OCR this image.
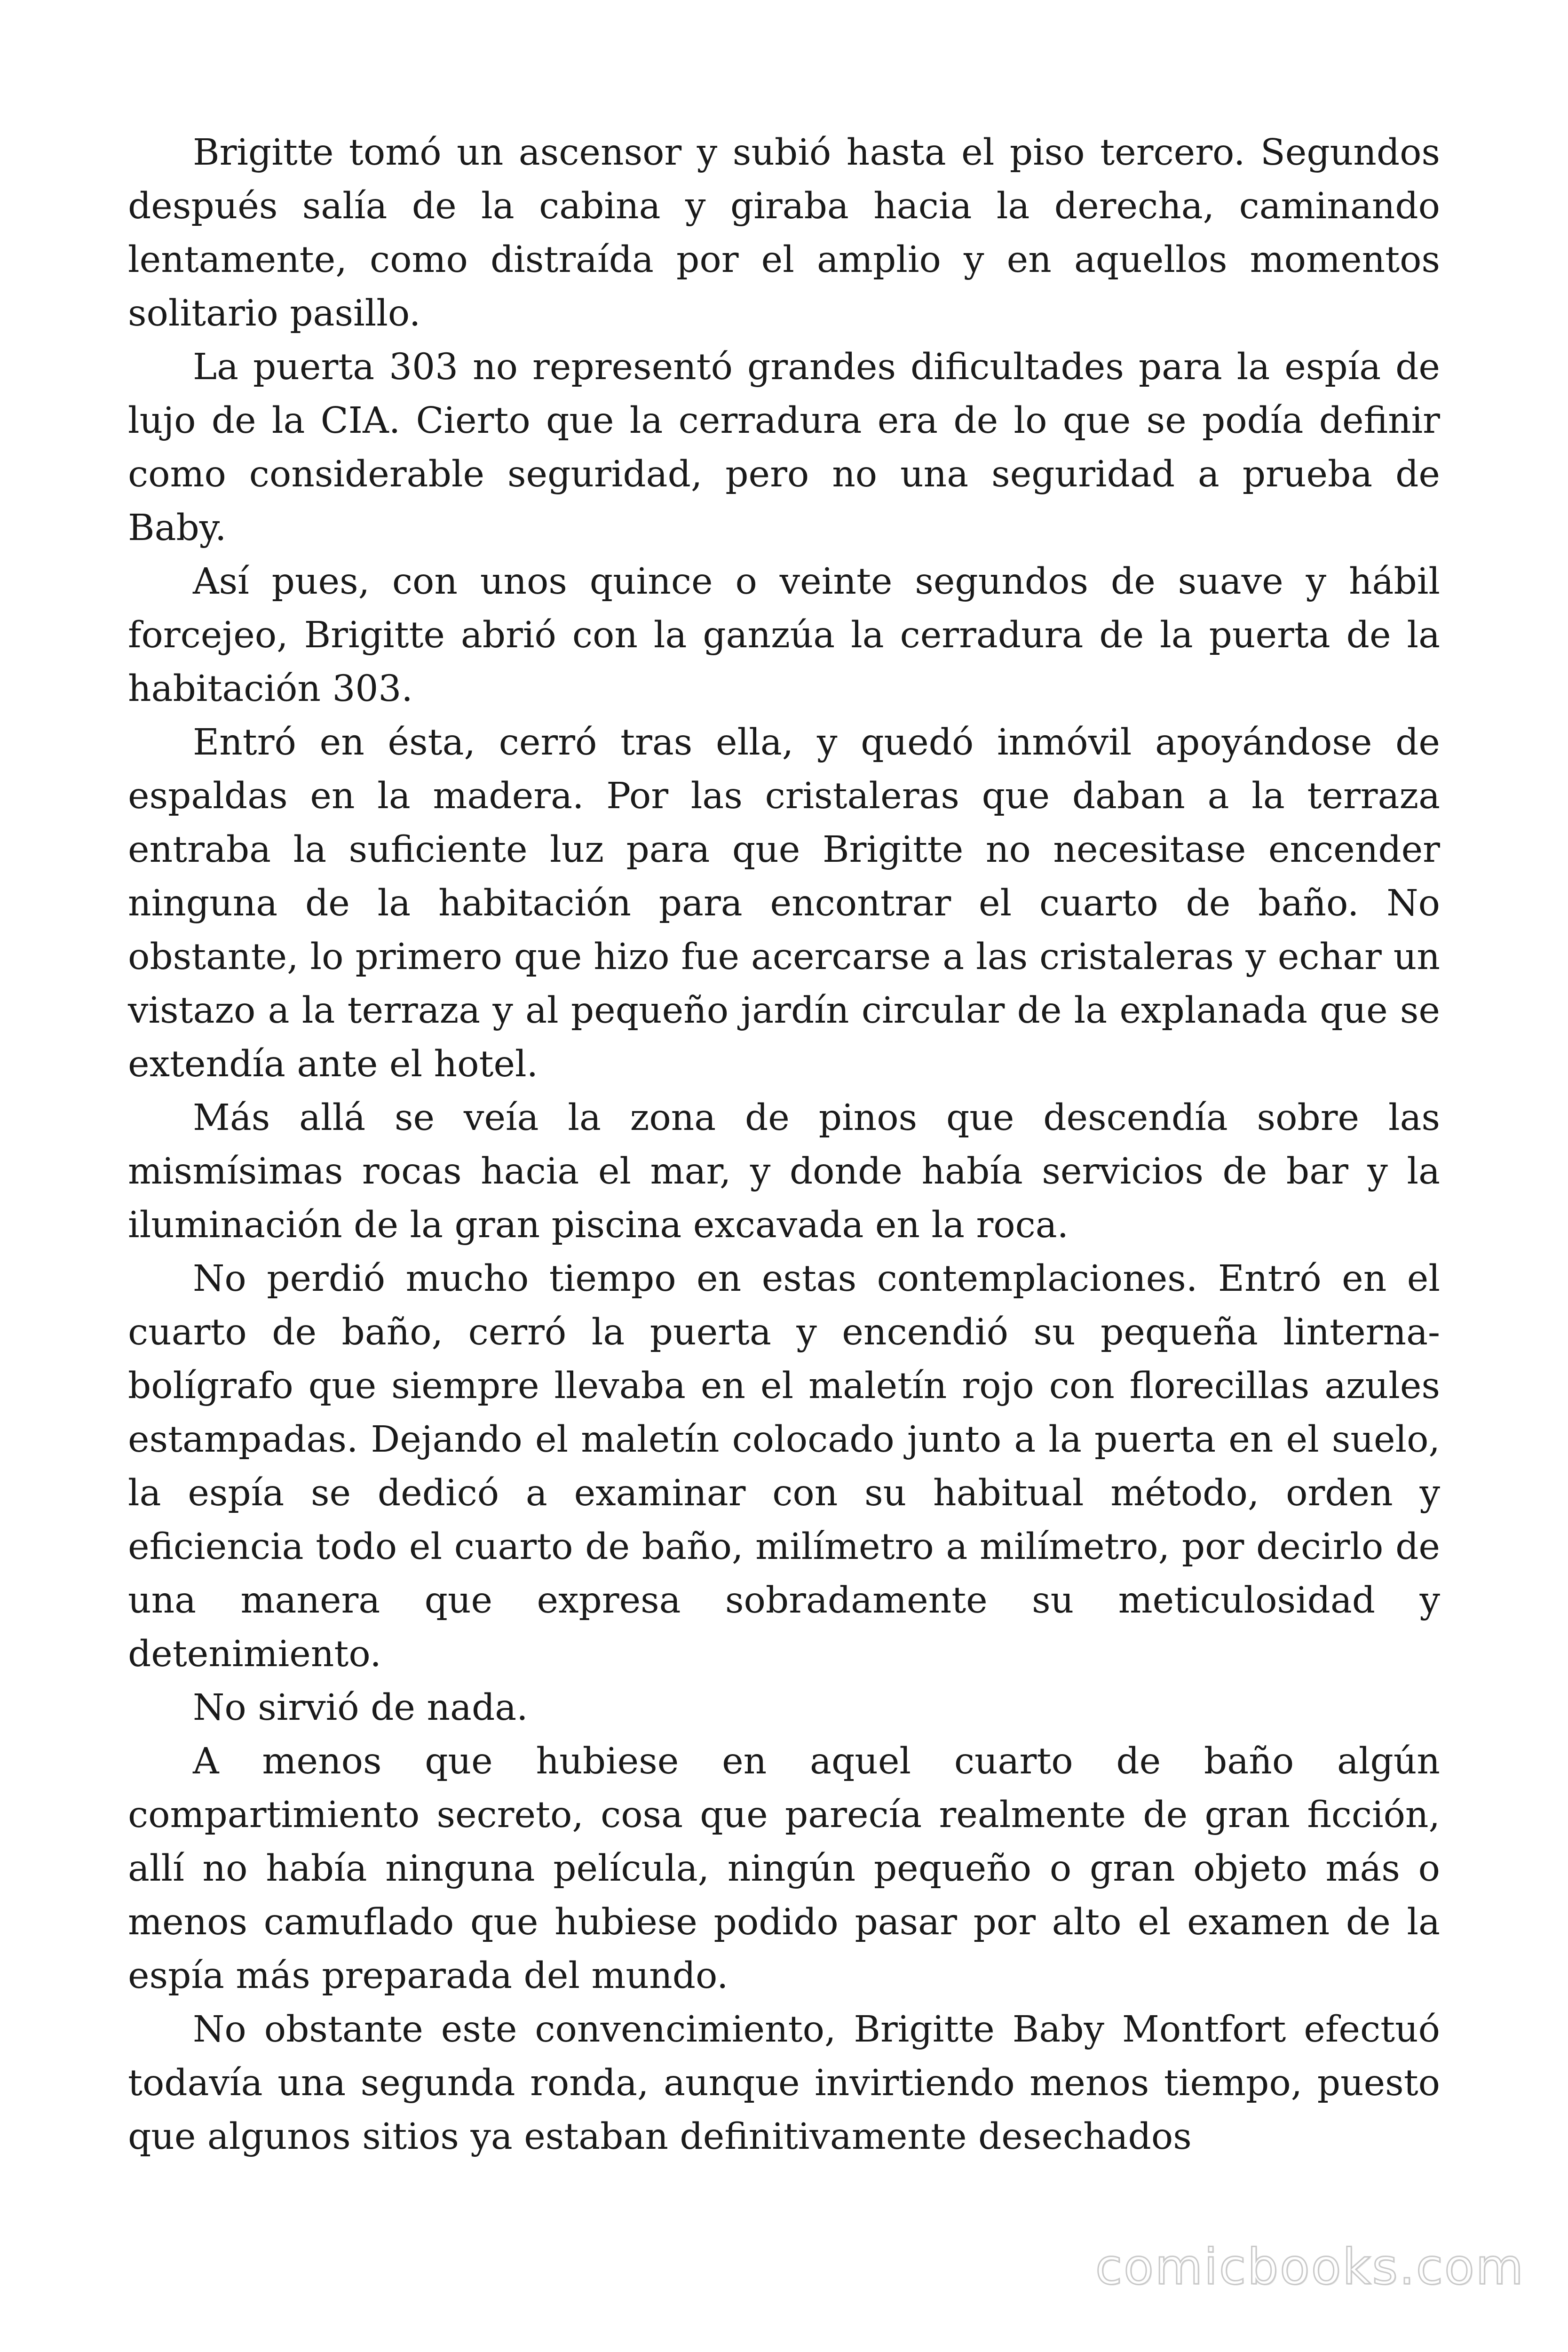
Brigitte tomó un ascensor y subió hasta el piso tercero. Segundos después salía de la cabina y giraba hacia la derecha, caminando lentamente, como distraída por el amplio y en aquellos momentos solitario pasillo.

La puerta 303 no representó grandes dificultades para la espía de lujo de la CIA. Cierto que la cerradura era de lo que se podía definir como considerable seguridad, pero no una seguridad a prueba de Baby.

Así pues, con unos quince o veinte segundos de suave y hábil forcejeo, Brigitte abrió con la ganzúa la cerradura de la puerta de la habitación 303.

Entró en ésta, cerró tras ella, y quedó inmóvil apoyándose de espaldas en la madera. Por las cristaleras que daban a la terraza entraba la suficiente luz para que Brigitte no necesitase encender ninguna de la habitación para encontrar el cuarto de baño. No obstante, lo primero que hizo fue acercarse a las cristaleras y echar un vistazo a la terraza y al pequeño jardín circular de la explanada que se extendía ante el hotel.

Más allá se veía la zona de pinos que descendía sobre las mismísimas rocas hacia el mar, y donde había servicios de bar y la iluminación de la gran piscina excavada en la roca.

No perdió mucho tiempo en estas contemplaciones. Entró en el cuarto de baño, cerró la puerta y encendió su pequeña linterna-bolígrafo que siempre llevaba en el maletín rojo con florecillas azules estampadas. Dejando el maletín colocado junto a la puerta en el suelo, la espía se dedicó a examinar con su habitual método, orden y eficiencia todo el cuarto de baño, milímetro a milímetro, por decirlo de una manera que expresa sobradamente su meticulosidad y detenimiento.

No sirvió de nada.

A menos que hubiese en aquel cuarto de baño algún compartimiento secreto, cosa que parecía realmente de gran ficción, allí no había ninguna película, ningún pequeño o gran objeto más o menos camuflado que hubiese podido pasar por alto el examen de la espía más preparada del mundo.

No obstante este convencimiento, Brigitte Baby Montfort efectuó todavía una segunda ronda, aunque invirtiendo menos tiempo, puesto que algunos sitios ya estaban definitivamente desechados

comicbooks.com
